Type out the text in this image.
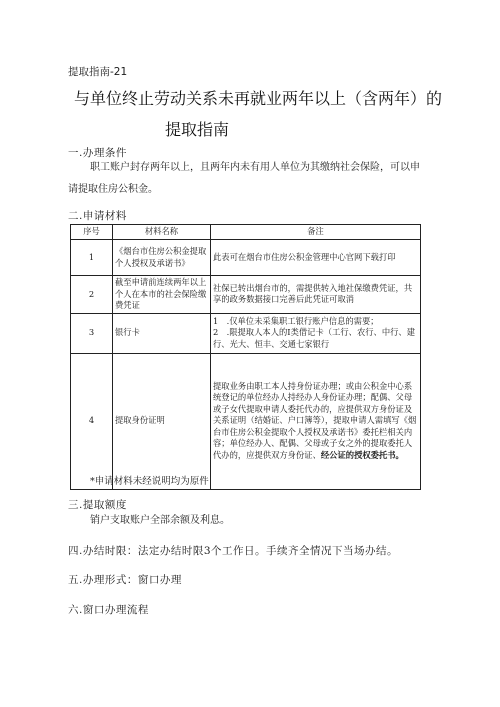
提取指南-21
与单位终止劳动关系未再就业两年以上（含两年）的
提取指南
一.办理条件
职工账户封存两年以上，且两年内未有用人单位为其缴纳社会保险，可以申
请提取住房公积金。
二.申请材料
序号	材料名称	备注
1	《烟台市住房公积金提取个人授权及承诺书》	此表可在烟台市住房公积金管理中心官网下载打印
2	截至申请前连续两年以上个人在本市的社会保险缴费凭证	社保已转出烟台市的，需提供转入地社保缴费凭证，共享的政务数据接口完善后此凭证可取消
3	银行卡	1　.仅单位未采集职工银行账户信息的需要；
2　.限提取人本人的Ⅰ类借记卡（工行、农行、中行、建行、光大、恒丰、交通七家银行

4	提取身份证明	提取业务由职工本人持身份证办理；或由公积金中心系统登记的单位经办人持经办人身份证办理；配偶、父母或子女代提取申请人委托代办的，应提供双方身份证及关系证明（结婚证、户口簿等），提取申请人需填写《烟台市住房公积金提取个人授权及承诺书》委托栏相关内容；单位经办人、配偶、父母或子女之外的提取委托人代办的，应提供双方身份证、经公证的授权委托书。
*申请材料未经说明均为原件
三.提取额度
销户支取账户全部余额及利息。
四.办结时限：法定办结时限3个工作日。手续齐全情况下当场办结。
五.办理形式：窗口办理
六.窗口办理流程
